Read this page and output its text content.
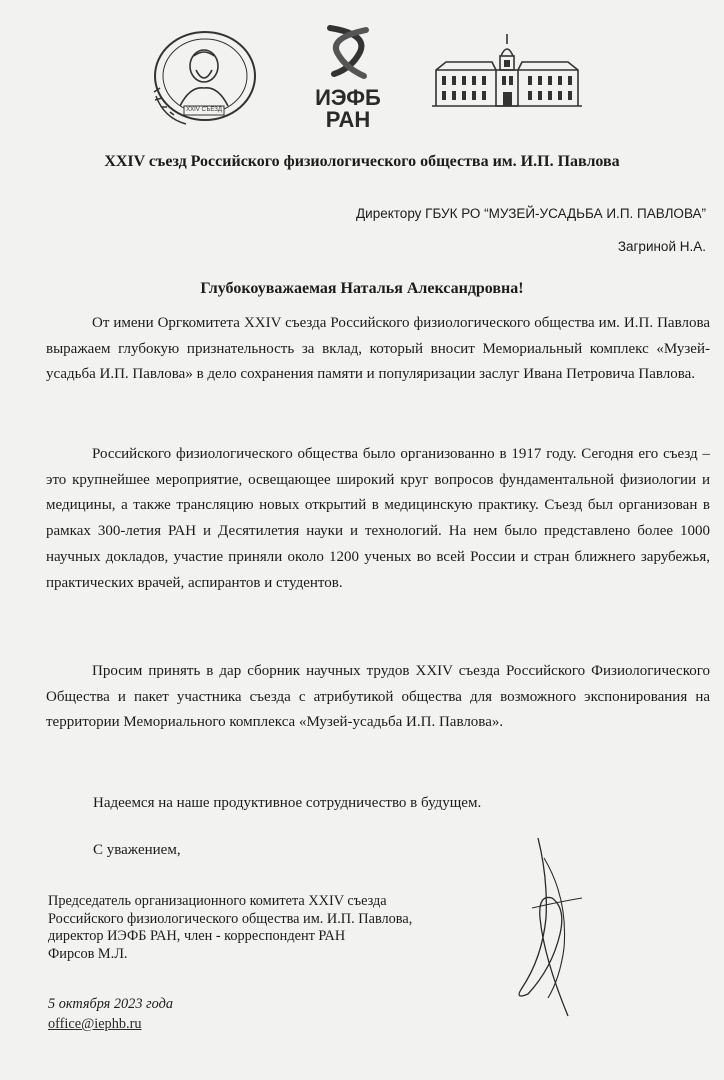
XXIV СЪЕЗД	ИЭФБ
РАН
XXIV съезд Российского физиологического общества им. И.П. Павлова

Директору ГБУК РО “МУЗЕЙ-УСАДЬБА И.П. ПАВЛОВА”

Загриной Н.А.

Глубокоуважаемая Наталья Александровна!

От имени Оргкомитета XXIV съезда Российского физиологического общества им. И.П. Павлова выражаем глубокую признательность за вклад, который вносит Мемориальный комплекс «Музей-усадьба И.П. Павлова» в дело сохранения памяти и популяризации заслуг Ивана Петровича Павлова.

Российского физиологического общества было организованно в 1917 году. Сегодня его съезд – это крупнейшее мероприятие, освещающее широкий круг вопросов фундаментальной физиологии и медицины, а также трансляцию новых открытий в медицинскую практику. Съезд был организован в рамках 300-летия РАН и Десятилетия науки и технологий. На нем было представлено более 1000 научных докладов, участие приняли около 1200 ученых во всей России и стран ближнего зарубежья, практических врачей, аспирантов и студентов.

Просим принять в дар сборник научных трудов XXIV съезда Российского Физиологического Общества и пакет участника съезда с атрибутикой общества для возможного экспонирования на территории Мемориального комплекса «Музей-усадьба И.П. Павлова».

Надеемся на наше продуктивное сотрудничество в будущем.

С уважением,

Председатель организационного комитета XXIV съезда
Российского физиологического общества им. И.П. Павлова,
директор ИЭФБ РАН, член - корреспондент РАН
Фирсов М.Л.

5 октября 2023 года

office@iephb.ru
